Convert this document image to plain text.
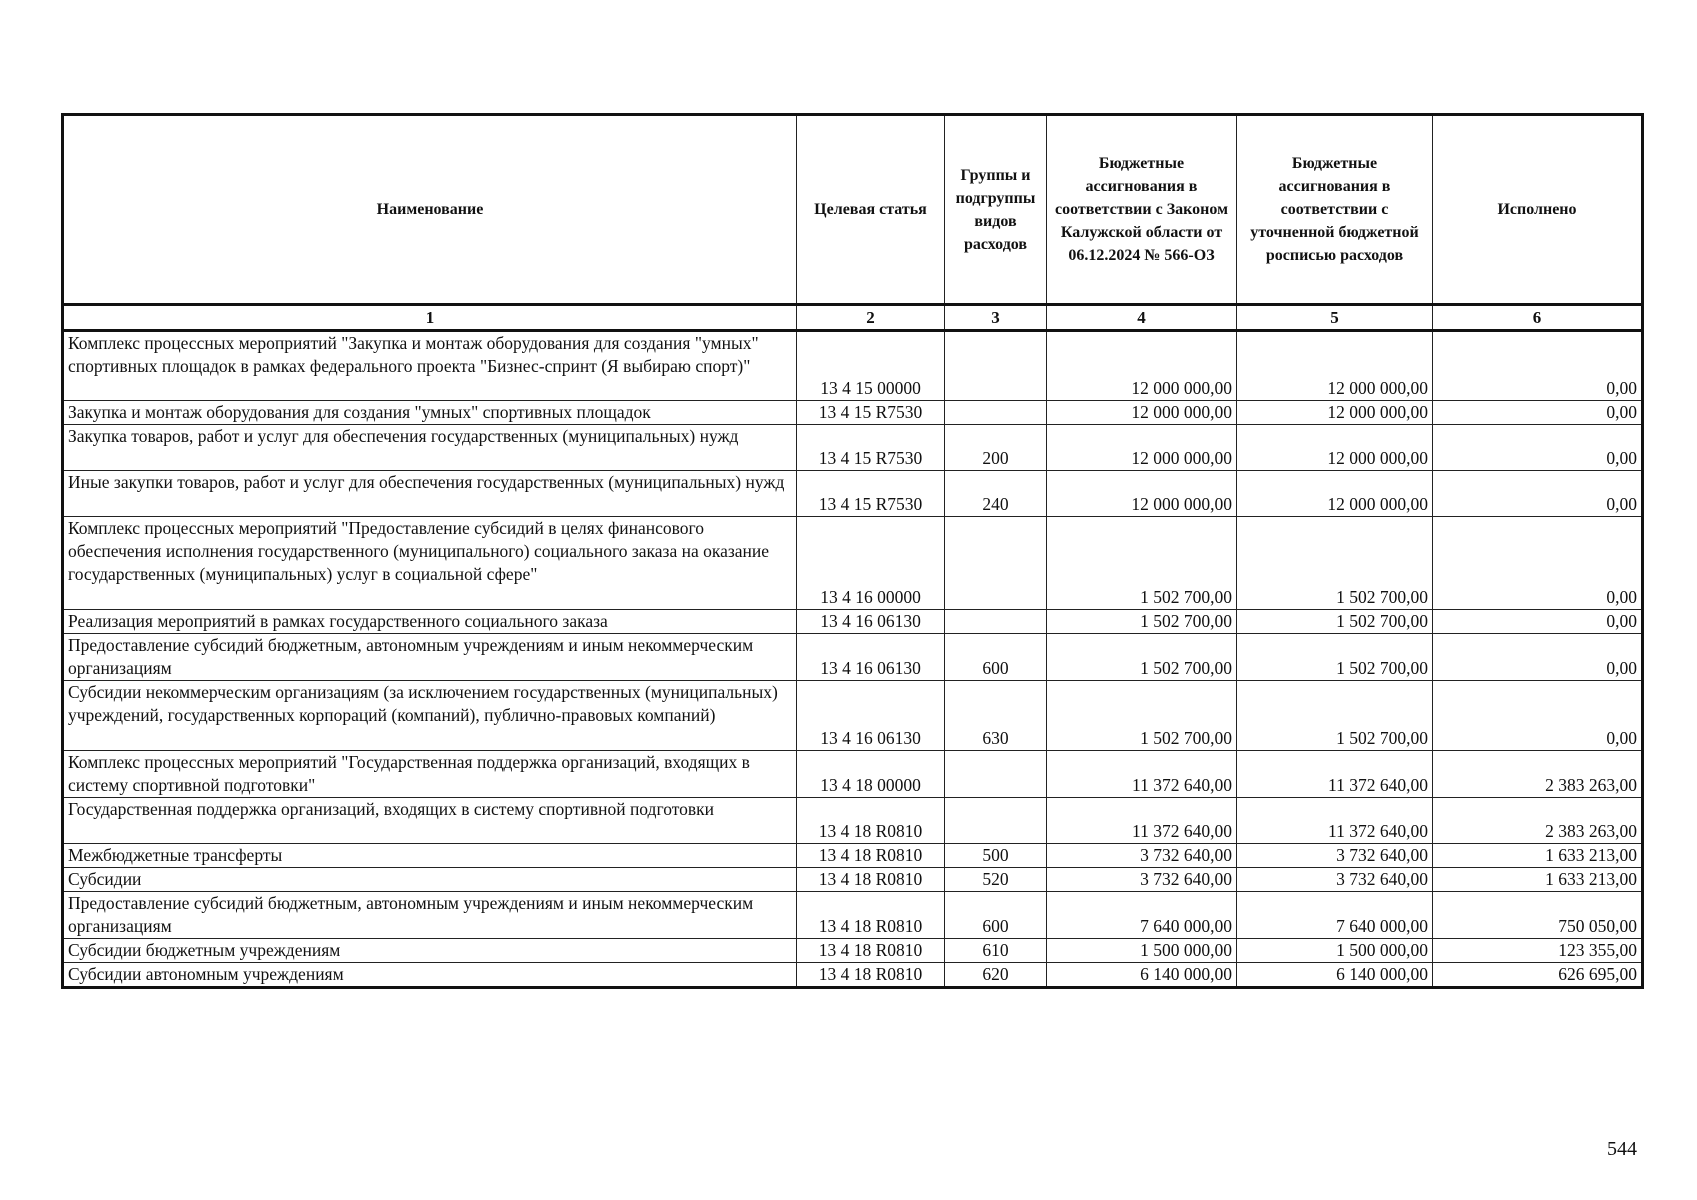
Наименование	Целевая статья	Группы и подгруппы видов расходов	Бюджетные ассигнования в соответствии с Законом Калужской области от 06.12.2024 № 566-ОЗ	Бюджетные ассигнования в соответствии с уточненной бюджетной росписью расходов	Исполнено
1	2	3	4	5	6
Комплекс процессных мероприятий "Закупка и монтаж оборудования для создания "умных" спортивных площадок в рамках федерального проекта "Бизнес-спринт (Я выбираю спорт)"	13 4 15 00000		12 000 000,00	12 000 000,00	0,00
Закупка и монтаж оборудования для создания "умных" спортивных площадок	13 4 15 R7530		12 000 000,00	12 000 000,00	0,00
Закупка товаров, работ и услуг для обеспечения государственных (муниципальных) нужд	13 4 15 R7530	200	12 000 000,00	12 000 000,00	0,00
Иные закупки товаров, работ и услуг для обеспечения государственных (муниципальных) нужд	13 4 15 R7530	240	12 000 000,00	12 000 000,00	0,00
Комплекс процессных мероприятий "Предоставление субсидий в целях финансового обеспечения исполнения государственного (муниципального) социального заказа на оказание государственных (муниципальных) услуг в социальной сфере"	13 4 16 00000		1 502 700,00	1 502 700,00	0,00
Реализация мероприятий в рамках государственного социального заказа	13 4 16 06130		1 502 700,00	1 502 700,00	0,00
Предоставление субсидий бюджетным, автономным учреждениям и иным некоммерческим организациям	13 4 16 06130	600	1 502 700,00	1 502 700,00	0,00
Субсидии некоммерческим организациям (за исключением государственных (муниципальных) учреждений, государственных корпораций (компаний), публично-правовых компаний)	13 4 16 06130	630	1 502 700,00	1 502 700,00	0,00
Комплекс процессных мероприятий "Государственная поддержка организаций, входящих в систему спортивной подготовки"	13 4 18 00000		11 372 640,00	11 372 640,00	2 383 263,00
Государственная поддержка организаций, входящих в систему спортивной подготовки	13 4 18 R0810		11 372 640,00	11 372 640,00	2 383 263,00
Межбюджетные трансферты	13 4 18 R0810	500	3 732 640,00	3 732 640,00	1 633 213,00
Субсидии	13 4 18 R0810	520	3 732 640,00	3 732 640,00	1 633 213,00
Предоставление субсидий бюджетным, автономным учреждениям и иным некоммерческим организациям	13 4 18 R0810	600	7 640 000,00	7 640 000,00	750 050,00
Субсидии бюджетным учреждениям	13 4 18 R0810	610	1 500 000,00	1 500 000,00	123 355,00
Субсидии автономным учреждениям	13 4 18 R0810	620	6 140 000,00	6 140 000,00	626 695,00
544
